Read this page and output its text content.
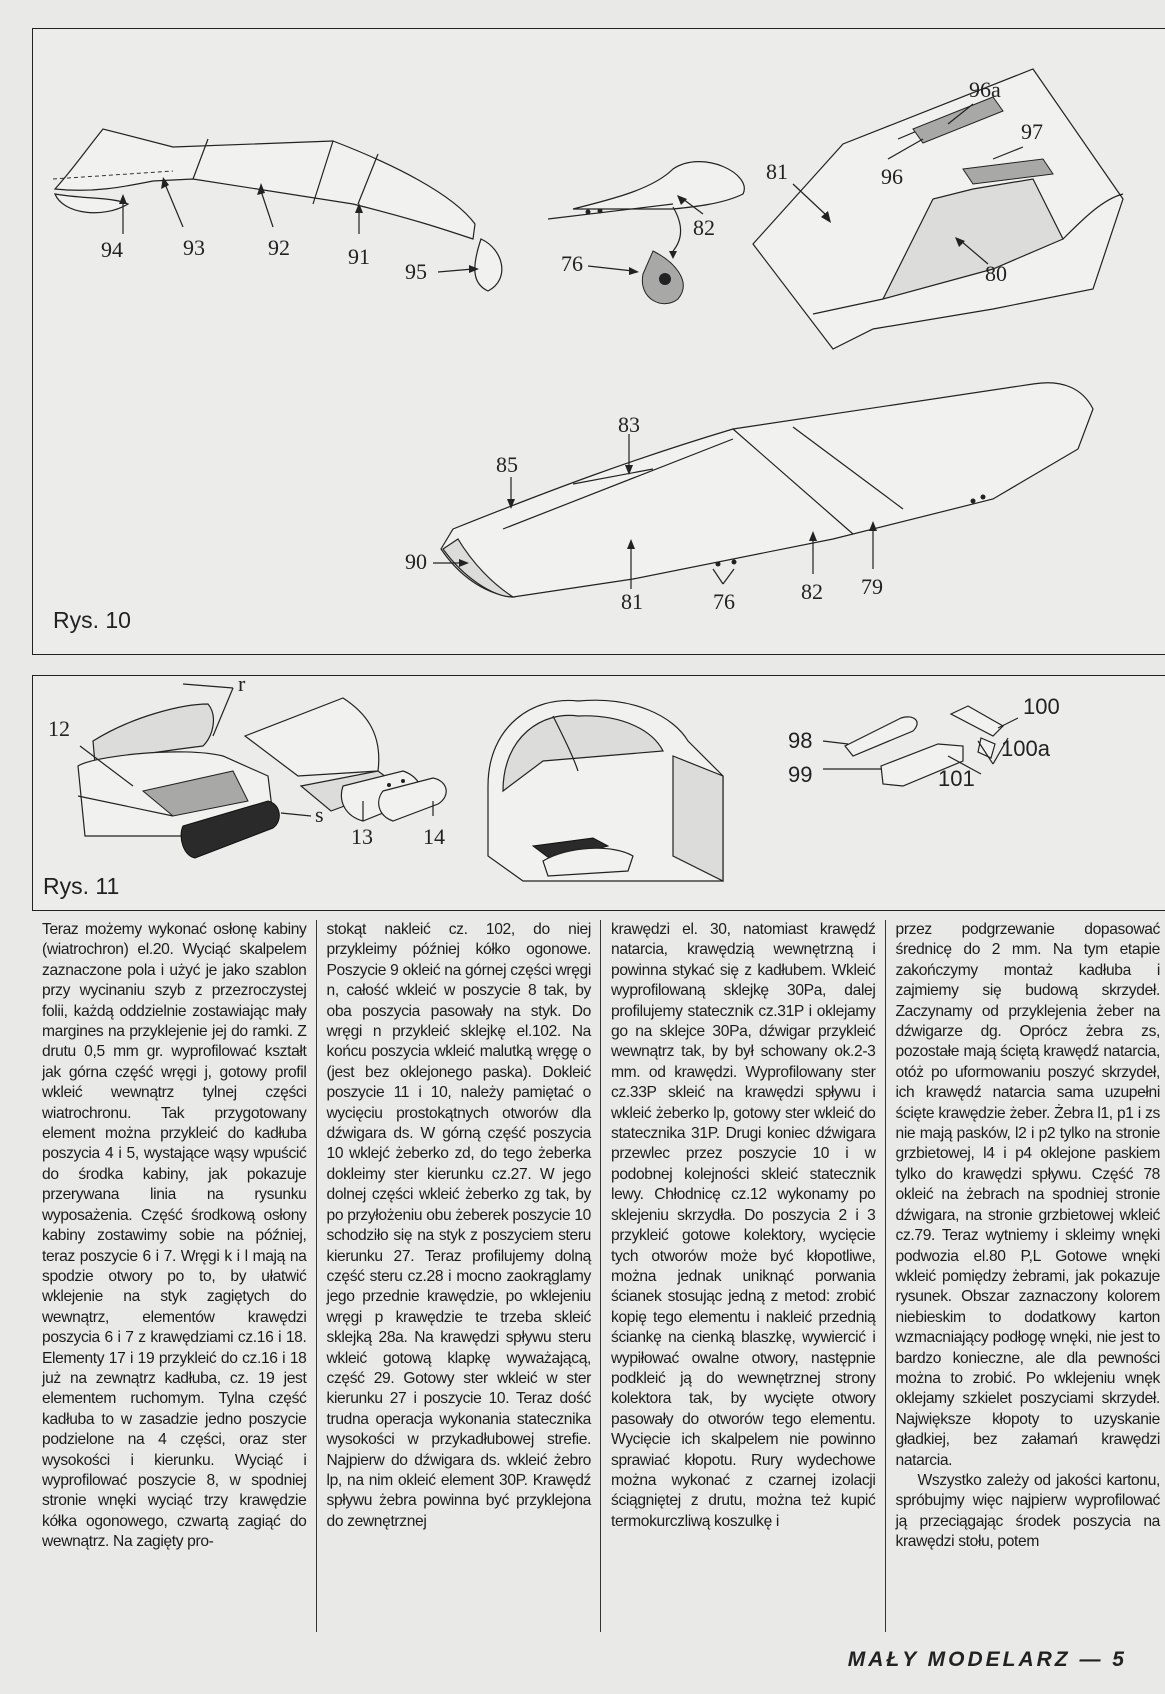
94	93	92	91
95	76
82
81	96
96a
97
80
83
85
90
81	76	82 79
Rys. 10
12
r
s
13 14
98
99
100
100a
101
Rys. 11

Teraz możemy wykonać osłonę kabiny (wiatrochron) el.20. Wyciąć skalpelem zaznaczone pola i użyć je jako szablon przy wycinaniu szyb z przezroczystej folii, każdą oddzielnie zostawiając mały margines na przyklejenie jej do ramki. Z drutu 0,5 mm gr. wyprofilować kształt jak górna część wręgi j, gotowy profil wkleić wewnątrz tylnej części wiatrochronu. Tak przygotowany element można przykleić do kadłuba poszycia 4 i 5, wystające wąsy wpuścić do środka kabiny, jak pokazuje przerywana linia na rysunku wyposażenia. Część środkową osłony kabiny zostawimy sobie na później, teraz poszycie 6 i 7. Wręgi k i l mają na spodzie otwory po to, by ułatwić wklejenie na styk zagiętych do wewnątrz, elementów krawędzi poszycia 6 i 7 z krawędziami cz.16 i 18. Elementy 17 i 19 przykleić do cz.16 i 18 już na zewnątrz kadłuba, cz. 19 jest elementem ruchomym. Tylna część kadłuba to w zasadzie jedno poszycie podzielone na 4 części, oraz ster wysokości i kierunku. Wyciąć i wyprofilować poszycie 8, w spodniej stronie wnęki wyciąć trzy krawędzie kółka ogonowego, czwartą zagiąć do wewnątrz. Na zagięty pro-

stokąt nakleić cz. 102, do niej przykleimy później kółko ogonowe. Poszycie 9 okleić na górnej części wręgi n, całość wkleić w poszycie 8 tak, by oba poszycia pasowały na styk. Do wręgi n przykleić sklejkę el.102. Na końcu poszycia wkleić malutką wręgę o (jest bez oklejonego paska). Dokleić poszycie 11 i 10, należy pamiętać o wycięciu prostokątnych otworów dla dźwigara ds. W górną część poszycia 10 wklejć żeberko zd, do tego żeberka dokleimy ster kierunku cz.27. W jego dolnej części wkleić żeberko zg tak, by po przyłożeniu obu żeberek poszycie 10 schodziło się na styk z poszyciem steru kierunku 27. Teraz profilujemy dolną część steru cz.28 i mocno zaokrąglamy jego przednie krawędzie, po wklejeniu wręgi p krawędzie te trzeba skleić sklejką 28a. Na krawędzi spływu steru wkleić gotową klapkę wyważającą, część 29. Gotowy ster wkleić w ster kierunku 27 i poszycie 10. Teraz dość trudna operacja wykonania statecznika wysokości w przykadłubowej strefie. Najpierw do dźwigara ds. wkleić żebro lp, na nim okleić element 30P. Krawędź spływu żebra powinna być przyklejona do zewnętrznej

krawędzi el. 30, natomiast krawędź natarcia, krawędzią wewnętrzną i powinna stykać się z kadłubem. Wkleić wyprofilowaną sklejkę 30Pa, dalej profilujemy statecznik cz.31P i oklejamy go na sklejce 30Pa, dźwigar przykleić wewnątrz tak, by był schowany ok.2-3 mm. od krawędzi. Wyprofilowany ster cz.33P skleić na krawędzi spływu i wkleić żeberko lp, gotowy ster wkleić do statecznika 31P. Drugi koniec dźwigara przewlec przez poszycie 10 i w podobnej kolejności skleić statecznik lewy. Chłodnicę cz.12 wykonamy po sklejeniu skrzydła. Do poszycia 2 i 3 przykleić gotowe kolektory, wycięcie tych otworów może być kłopotliwe, można jednak uniknąć porwania ścianek stosując jedną z metod: zrobić kopię tego elementu i nakleić przednią ściankę na cienką blaszkę, wywiercić i wypiłować owalne otwory, następnie podkleić ją do wewnętrznej strony kolektora tak, by wycięte otwory pasowały do otworów tego elementu. Wycięcie ich skalpelem nie powinno sprawiać kłopotu. Rury wydechowe można wykonać z czarnej izolacji ściągniętej z drutu, można też kupić termokurczliwą koszulkę i

przez podgrzewanie dopasować średnicę do 2 mm. Na tym etapie zakończymy montaż kadłuba i zajmiemy się budową skrzydeł. Zaczynamy od przyklejenia żeber na dźwigarze dg. Oprócz żebra zs, pozostałe mają ściętą krawędź natarcia, otóż po uformowaniu poszyć skrzydeł, ich krawędź natarcia sama uzupełni ścięte krawędzie żeber. Żebra l1, p1 i zs nie mają pasków, l2 i p2 tylko na stronie grzbietowej, l4 i p4 oklejone paskiem tylko do krawędzi spływu. Część 78 okleić na żebrach na spodniej stronie dźwigara, na stronie grzbietowej wkleić cz.79. Teraz wytniemy i skleimy wnęki podwozia el.80 P,L Gotowe wnęki wkleić pomiędzy żebrami, jak pokazuje rysunek. Obszar zaznaczony kolorem niebieskim to dodatkowy karton wzmacniający podłogę wnęki, nie jest to bardzo konieczne, ale dla pewności można to zrobić. Po wklejeniu wnęk oklejamy szkielet poszyciami skrzydeł. Największe kłopoty to uzyskanie gładkiej, bez załamań krawędzi natarcia.

Wszystko zależy od jakości kartonu, spróbujmy więc najpierw wyprofilować ją przeciągając środek poszycia na krawędzi stołu, potem

MAŁY MODELARZ — 5
